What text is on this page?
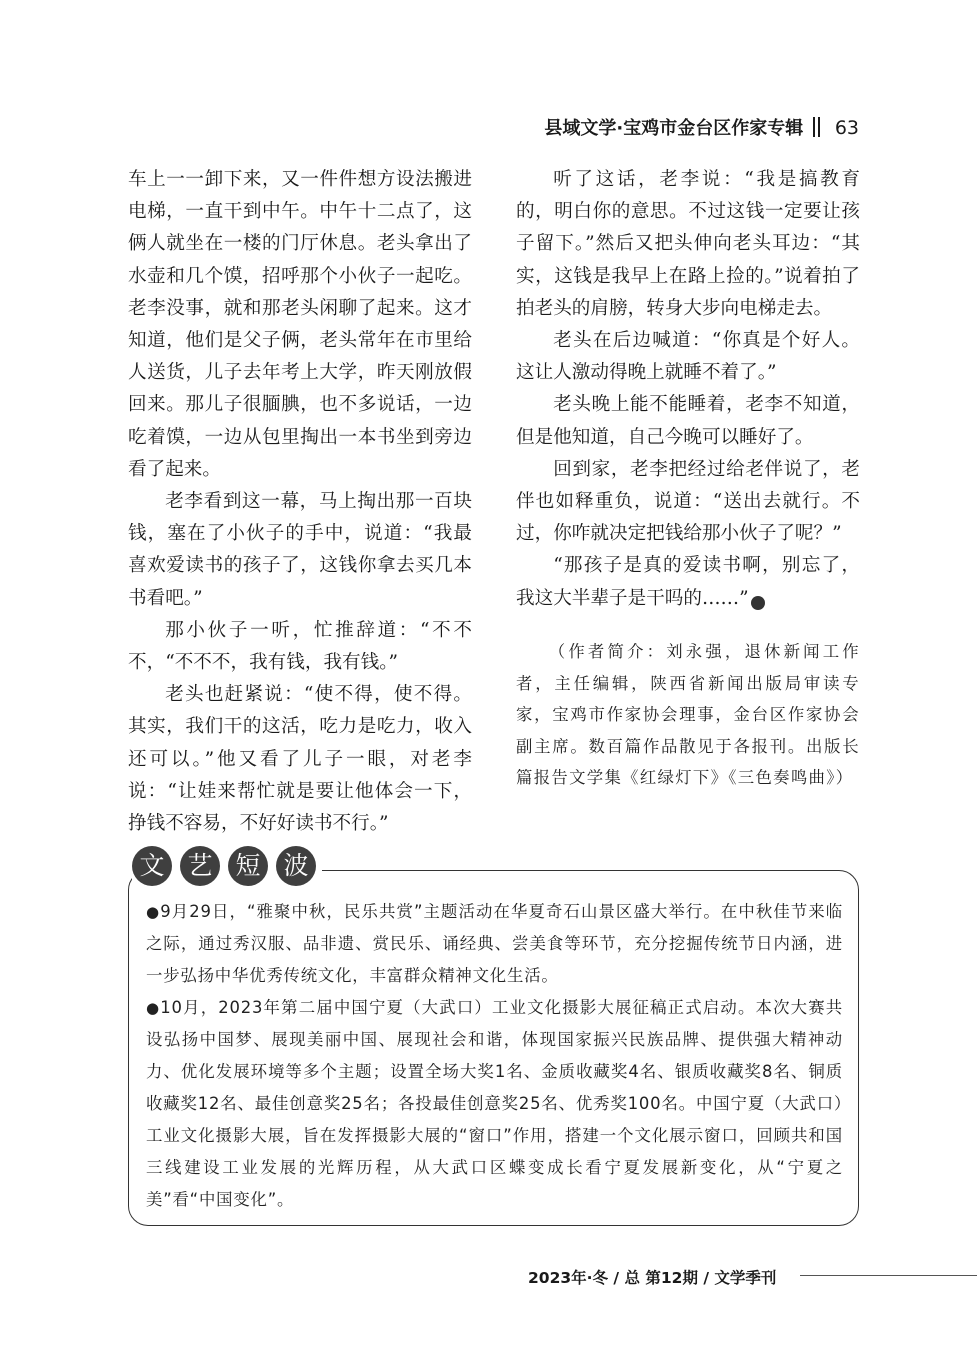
县域文学·宝鸡市金台区作家专辑 63

车上一一卸下来，又一件件想方设法搬进电梯，一直干到中午。中午十二点了，这俩人就坐在一楼的门厅休息。老头拿出了水壶和几个馍，招呼那个小伙子一起吃。老李没事，就和那老头闲聊了起来。这才知道，他们是父子俩，老头常年在市里给人送货，儿子去年考上大学，昨天刚放假回来。那儿子很腼腆，也不多说话，一边吃着馍，一边从包里掏出一本书坐到旁边看了起来。

老李看到这一幕，马上掏出那一百块钱，塞在了小伙子的手中，说道：“我最喜欢爱读书的孩子了，这钱你拿去买几本书看吧。”

那小伙子一听，忙推辞道：“不不不，“不不不，我有钱，我有钱。”

老头也赶紧说：“使不得，使不得。其实，我们干的这活，吃力是吃力，收入还可以。”他又看了儿子一眼，对老李说：“让娃来帮忙就是要让他体会一下，挣钱不容易，不好好读书不行。”

听了这话，老李说：“我是搞教育的，明白你的意思。不过这钱一定要让孩子留下。”然后又把头伸向老头耳边：“其实，这钱是我早上在路上捡的。”说着拍了拍老头的肩膀，转身大步向电梯走去。

老头在后边喊道：“你真是个好人。这让人激动得晚上就睡不着了。”

老头晚上能不能睡着，老李不知道，但是他知道，自己今晚可以睡好了。

回到家，老李把经过给老伴说了，老伴也如释重负，说道：“送出去就行。不过，你咋就决定把钱给那小伙子了呢？”

“那孩子是真的爱读书啊，别忘了，我这大半辈子是干吗的……”	Ⓦ

（作者简介：刘永强，退休新闻工作者，主任编辑，陕西省新闻出版局审读专家，宝鸡市作家协会理事，金台区作家协会副主席。数百篇作品散见于各报刊。出版长篇报告文学集《红绿灯下》《三色奏鸣曲》）

文 艺 短 波

●9月29日，“雅聚中秋，民乐共赏”主题活动在华夏奇石山景区盛大举行。在中秋佳节来临之际，通过秀汉服、品非遗、赏民乐、诵经典、尝美食等环节，充分挖掘传统节日内涵，进一步弘扬中华优秀传统文化，丰富群众精神文化生活。

●10月，2023年第二届中国宁夏（大武口）工业文化摄影大展征稿正式启动。本次大赛共设弘扬中国梦、展现美丽中国、展现社会和谐，体现国家振兴民族品牌、提供强大精神动力、优化发展环境等多个主题；设置全场大奖1名、金质收藏奖4名、银质收藏奖8名、铜质收藏奖12名、最佳创意奖25名；各投最佳创意奖25名、优秀奖100名。中国宁夏（大武口）工业文化摄影大展，旨在发挥摄影大展的“窗口”作用，搭建一个文化展示窗口，回顾共和国三线建设工业发展的光辉历程，从大武口区蝶变成长看宁夏发展新变化，从“宁夏之美”看“中国变化”。

2023年·冬 / 总 第12期 / 文学季刊
